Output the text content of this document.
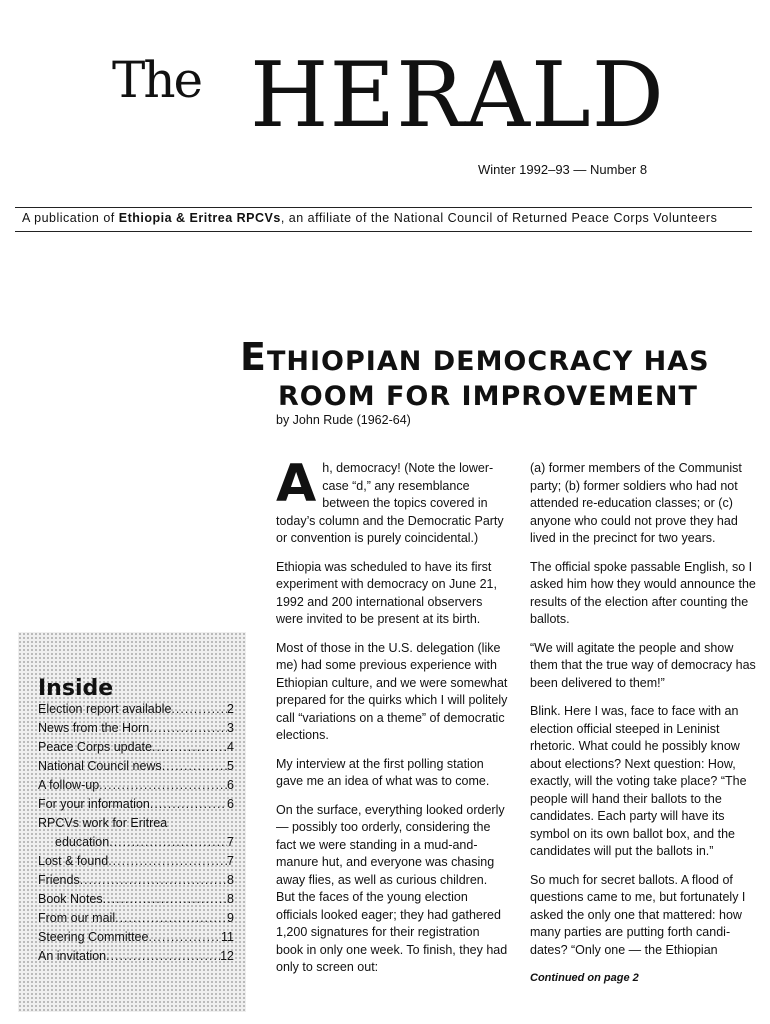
The HERALD
Winter 1992–93 — Number 8
A publication of Ethiopia & Eritrea RPCVs, an affiliate of the National Council of Returned Peace Corps Volunteers
ETHIOPIAN DEMOCRACY HAS
ROOM FOR IMPROVEMENT
by John Rude (1962-64)

Ah, democracy! (Note the lower-case “d,” any resemblance between the topics covered in today’s column and the Democratic Party or convention is purely coincidental.)

Ethiopia was scheduled to have its first experiment with democracy on June 21, 1992 and 200 international observers were invited to be present at its birth.

Most of those in the U.S. delegation (like me) had some previous experience with Ethiopian culture, and we were somewhat prepared for the quirks which I will politely call “variations on a theme” of democratic elections.

My interview at the first polling station gave me an idea of what was to come.

On the surface, everything looked orderly — possibly too orderly, considering the fact we were standing in a mud-and-manure hut, and everyone was chasing away flies, as well as curious children. But the faces of the young election officials looked eager; they had gathered 1,200 signatures for their registration book in only one week. To finish, they had only to screen out:

(a) former members of the Communist party; (b) former soldiers who had not attended re-education classes; or (c) anyone who could not prove they had lived in the precinct for two years.

The official spoke passable English, so I asked him how they would announce the results of the election after counting the ballots.

“We will agitate the people and show them that the true way of democracy has been delivered to them!”

Blink. Here I was, face to face with an election official steeped in Leninist rhetoric. What could he possibly know about elections? Next question: How, exactly, will the voting take place? “The people will hand their ballots to the candidates. Each party will have its symbol on its own ballot box, and the candidates will put the ballots in.”

So much for secret ballots. A flood of questions came to me, but fortunately I asked the only one that mattered: how many parties are putting forth candi-dates? “Only one — the Ethiopian

Continued on page 2
Inside
Election report available .....	2
News from the Horn .....	3
Peace Corps update .....	4
National Council news .....	5
A follow-up .....	6
For your information .....	6
RPCVs work for Eritrea
education .....	7
Lost & found .....	7
Friends .....	8
Book Notes .....	8
From our mail .....	9
Steering Committee .....	11
An invitation .....	12
